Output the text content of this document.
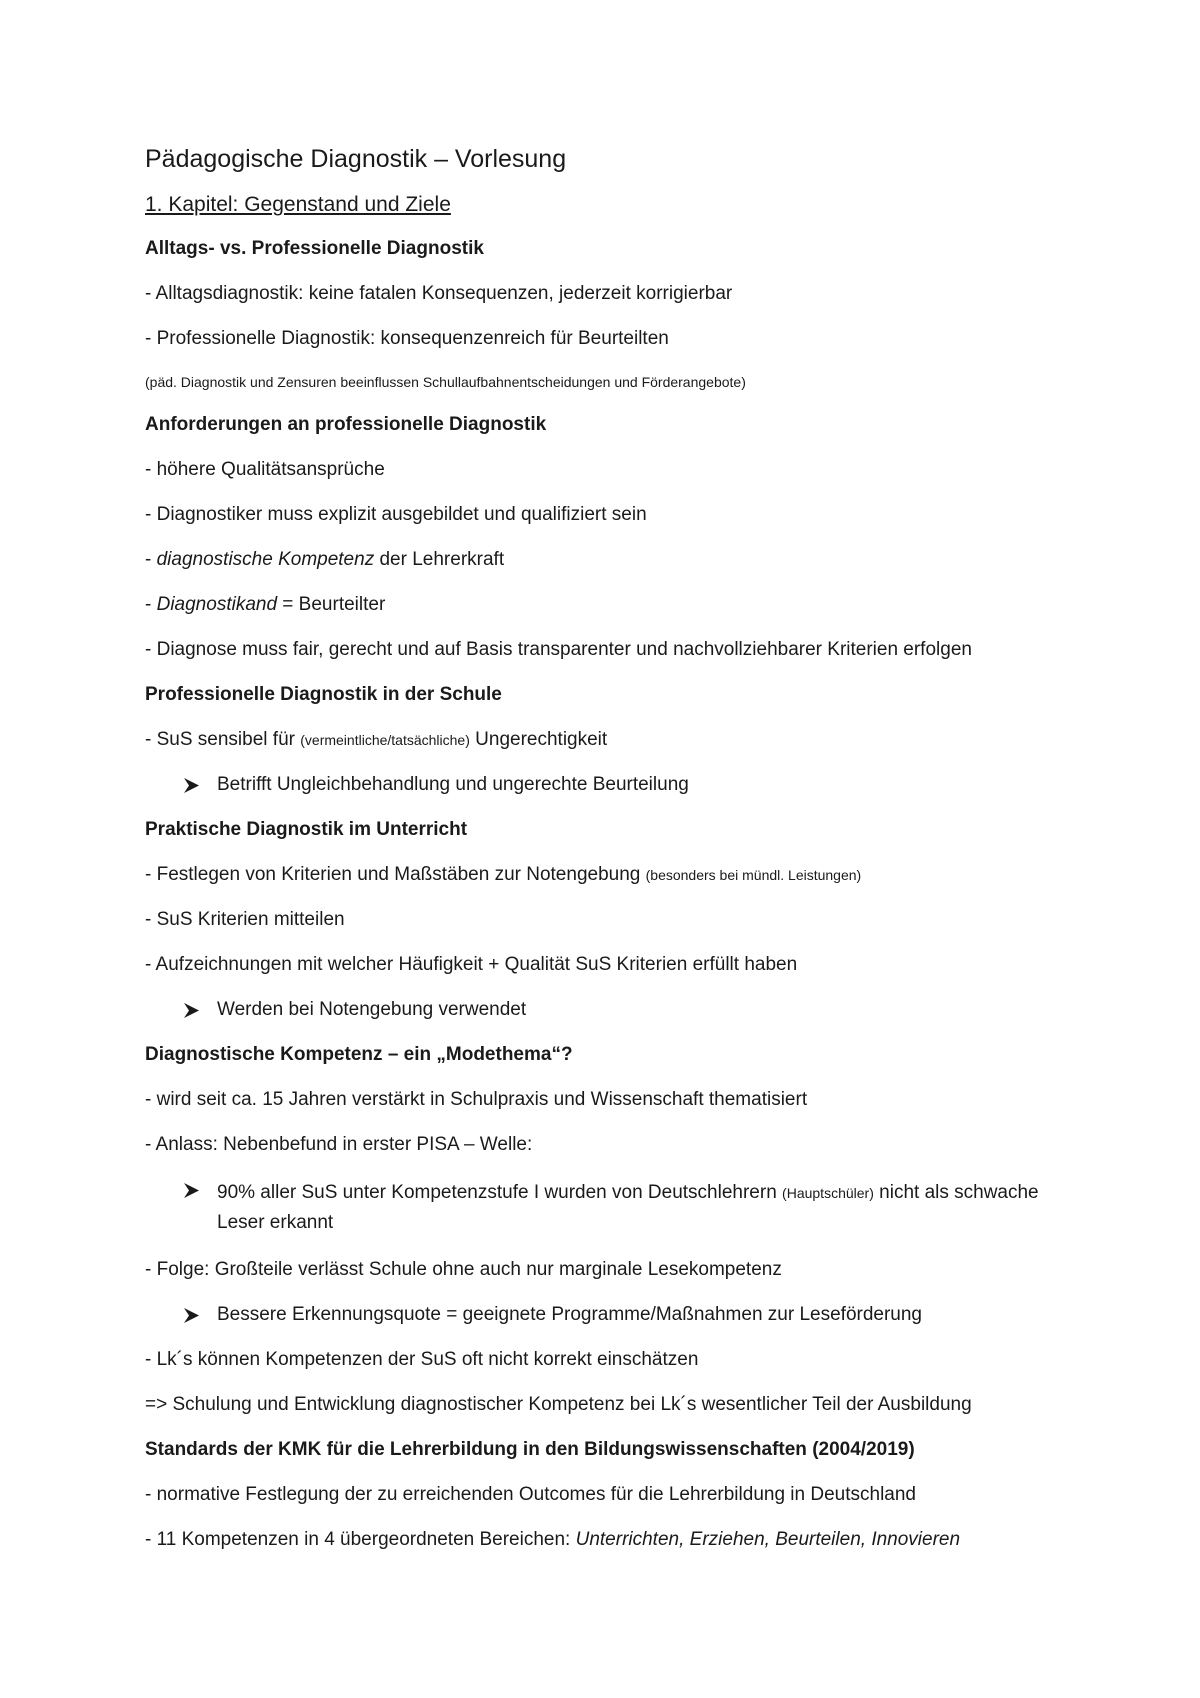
Pädagogische Diagnostik – Vorlesung
1. Kapitel: Gegenstand und Ziele
Alltags- vs. Professionelle Diagnostik
- Alltagsdiagnostik: keine fatalen Konsequenzen, jederzeit korrigierbar
- Professionelle Diagnostik: konsequenzenreich für Beurteilten
(päd. Diagnostik und Zensuren beeinflussen Schullaufbahnentscheidungen und Förderangebote)
Anforderungen an professionelle Diagnostik
- höhere Qualitätsansprüche
- Diagnostiker muss explizit ausgebildet und qualifiziert sein
- diagnostische Kompetenz der Lehrerkraft
- Diagnostikand = Beurteilter
- Diagnose muss fair, gerecht und auf Basis transparenter und nachvollziehbarer Kriterien erfolgen
Professionelle Diagnostik in der Schule
- SuS sensibel für (vermeintliche/tatsächliche) Ungerechtigkeit
Betrifft Ungleichbehandlung und ungerechte Beurteilung
Praktische Diagnostik im Unterricht
- Festlegen von Kriterien und Maßstäben zur Notengebung (besonders bei mündl. Leistungen)
- SuS Kriterien mitteilen
- Aufzeichnungen mit welcher Häufigkeit + Qualität SuS Kriterien erfüllt haben
Werden bei Notengebung verwendet
Diagnostische Kompetenz – ein „Modethema“?
- wird seit ca. 15 Jahren verstärkt in Schulpraxis und Wissenschaft thematisiert
- Anlass: Nebenbefund in erster PISA – Welle:
90% aller SuS unter Kompetenzstufe I wurden von Deutschlehrern (Hauptschüler) nicht als schwache Leser erkannt
- Folge: Großteile verlässt Schule ohne auch nur marginale Lesekompetenz
Bessere Erkennungsquote = geeignete Programme/Maßnahmen zur Leseförderung
- Lk´s können Kompetenzen der SuS oft nicht korrekt einschätzen
=> Schulung und Entwicklung diagnostischer Kompetenz bei Lk´s wesentlicher Teil der Ausbildung
Standards der KMK für die Lehrerbildung in den Bildungswissenschaften (2004/2019)
- normative Festlegung der zu erreichenden Outcomes für die Lehrerbildung in Deutschland
- 11 Kompetenzen in 4 übergeordneten Bereichen: Unterrichten, Erziehen, Beurteilen, Innovieren
